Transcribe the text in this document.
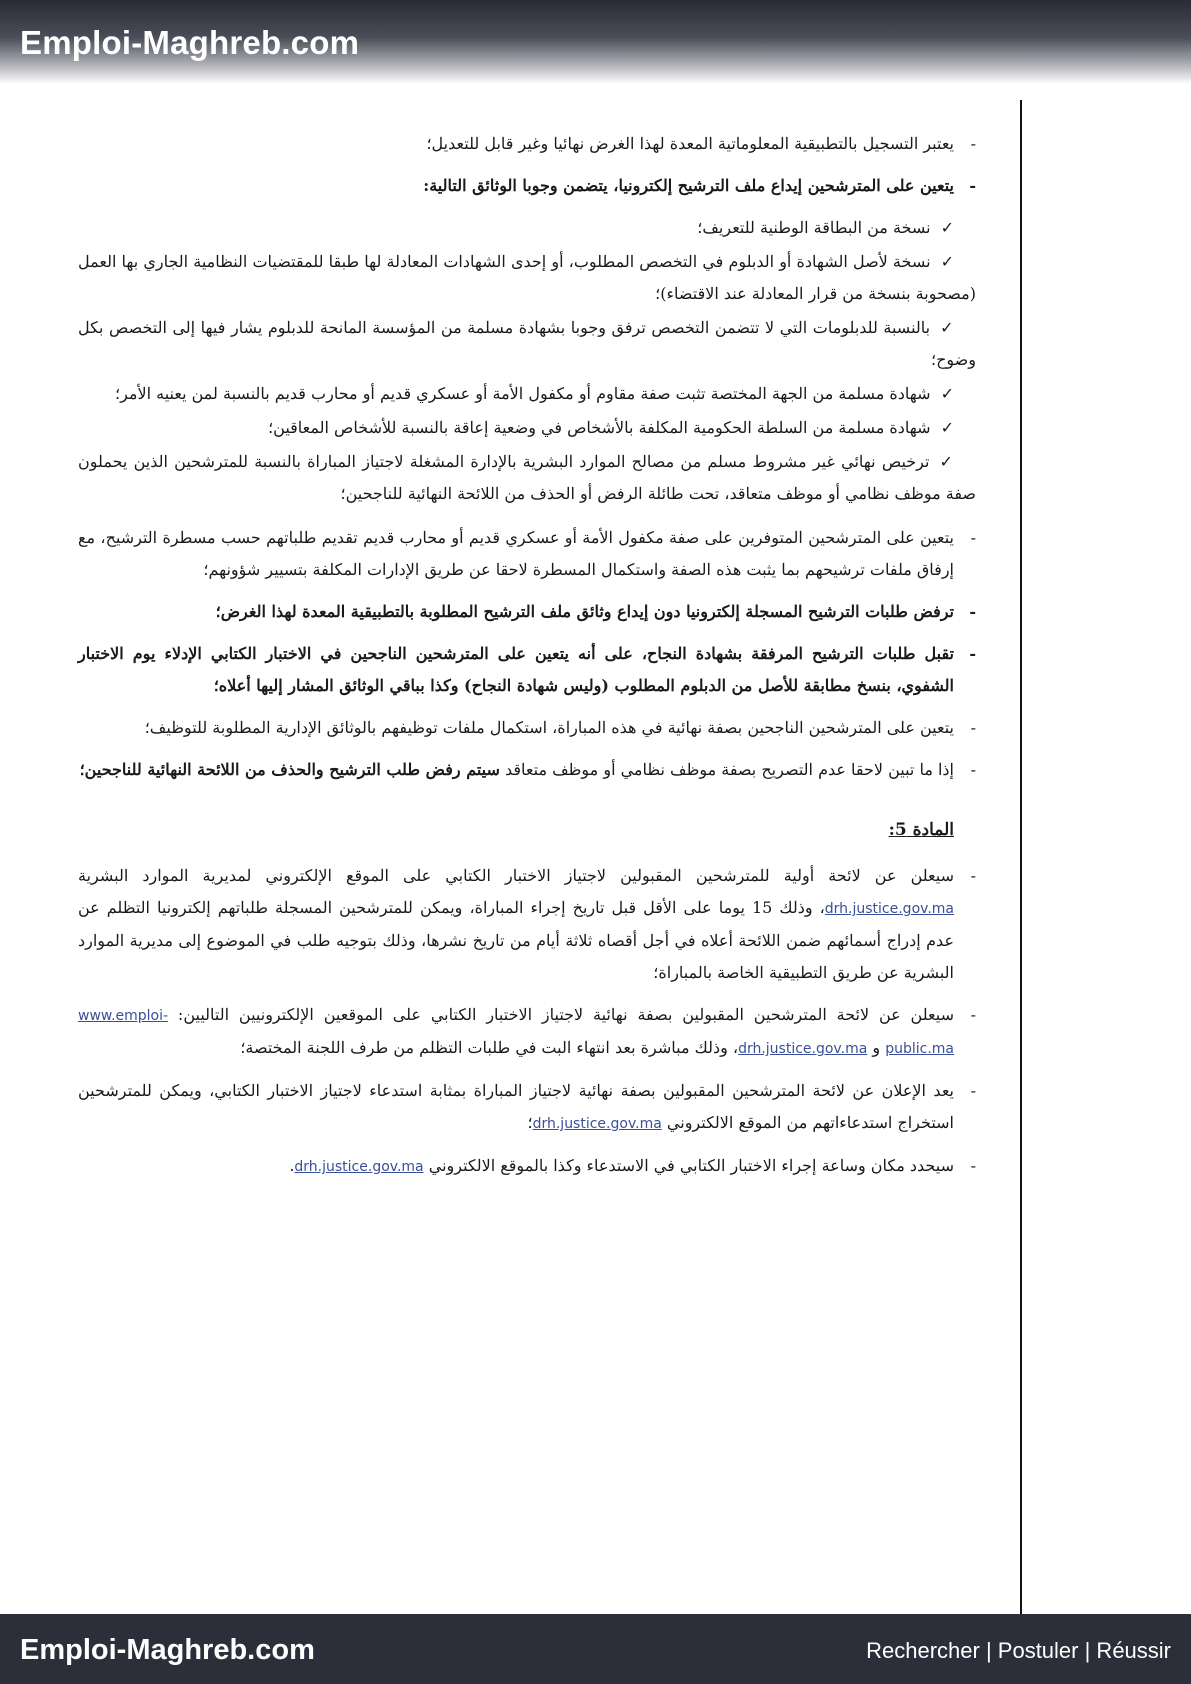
Emploi-Maghreb.com
-
يعتبر التسجيل بالتطبيقية المعلوماتية المعدة لهذا الغرض نهائيا وغير قابل للتعديل؛
-
يتعين على المترشحين إيداع ملف الترشيح إلكترونيا، يتضمن وجوبا الوثائق التالية:
✓نسخة من البطاقة الوطنية للتعريف؛
✓نسخة لأصل الشهادة أو الدبلوم في التخصص المطلوب، أو إحدى الشهادات المعادلة لها طبقا للمقتضيات النظامية الجاري بها العمل (مصحوبة بنسخة من قرار المعادلة عند الاقتضاء)؛
✓بالنسبة للدبلومات التي لا تتضمن التخصص ترفق وجوبا بشهادة مسلمة من المؤسسة المانحة للدبلوم يشار فيها إلى التخصص بكل وضوح؛
✓شهادة مسلمة من الجهة المختصة تثبت صفة مقاوم أو مكفول الأمة أو عسكري قديم أو محارب قديم بالنسبة لمن يعنيه الأمر؛
✓شهادة مسلمة من السلطة الحكومية المكلفة بالأشخاص في وضعية إعاقة بالنسبة للأشخاص المعاقين؛
✓ترخيص نهائي غير مشروط مسلم من مصالح الموارد البشرية بالإدارة المشغلة لاجتياز المباراة بالنسبة للمترشحين الذين يحملون صفة موظف نظامي أو موظف متعاقد، تحت طائلة الرفض أو الحذف من اللائحة النهائية للناجحين؛
-
يتعين على المترشحين المتوفرين على صفة مكفول الأمة أو عسكري قديم أو محارب قديم تقديم طلباتهم حسب مسطرة الترشيح، مع إرفاق ملفات ترشيحهم بما يثبت هذه الصفة واستكمال المسطرة لاحقا عن طريق الإدارات المكلفة بتسيير شؤونهم؛
-
ترفض طلبات الترشيح المسجلة إلكترونيا دون إيداع وثائق ملف الترشيح المطلوبة بالتطبيقية المعدة لهذا الغرض؛
-
تقبل طلبات الترشيح المرفقة بشهادة النجاح، على أنه يتعين على المترشحين الناجحين في الاختبار الكتابي الإدلاء يوم الاختبار الشفوي، بنسخ مطابقة للأصل من الدبلوم المطلوب (وليس شهادة النجاح) وكذا بباقي الوثائق المشار إليها أعلاه؛
-
يتعين على المترشحين الناجحين بصفة نهائية في هذه المباراة، استكمال ملفات توظيفهم بالوثائق الإدارية المطلوبة للتوظيف؛
-
إذا ما تبين لاحقا عدم التصريح بصفة موظف نظامي أو موظف متعاقد سيتم رفض طلب الترشيح والحذف من اللائحة النهائية للناجحين؛
المادة 5:
-
سيعلن عن لائحة أولية للمترشحين المقبولين لاجتياز الاختبار الكتابي على الموقع الإلكتروني لمديرية الموارد البشرية drh.justice.gov.ma، وذلك 15 يوما على الأقل قبل تاريخ إجراء المباراة، ويمكن للمترشحين المسجلة طلباتهم إلكترونيا التظلم عن عدم إدراج أسمائهم ضمن اللائحة أعلاه في أجل أقصاه ثلاثة أيام من تاريخ نشرها، وذلك بتوجيه طلب في الموضوع إلى مديرية الموارد البشرية عن طريق التطبيقية الخاصة بالمباراة؛
-
سيعلن عن لائحة المترشحين المقبولين بصفة نهائية لاجتياز الاختبار الكتابي على الموقعين الإلكترونيين التاليين: www.emploi-public.ma و drh.justice.gov.ma، وذلك مباشرة بعد انتهاء البت في طلبات التظلم من طرف اللجنة المختصة؛
-
يعد الإعلان عن لائحة المترشحين المقبولين بصفة نهائية لاجتياز المباراة بمثابة استدعاء لاجتياز الاختبار الكتابي، ويمكن للمترشحين استخراج استدعاءاتهم من الموقع الالكتروني drh.justice.gov.ma؛
-
سيحدد مكان وساعة إجراء الاختبار الكتابي في الاستدعاء وكذا بالموقع الالكتروني drh.justice.gov.ma.
Emploi-Maghreb.com	Rechercher | Postuler | Réussir
